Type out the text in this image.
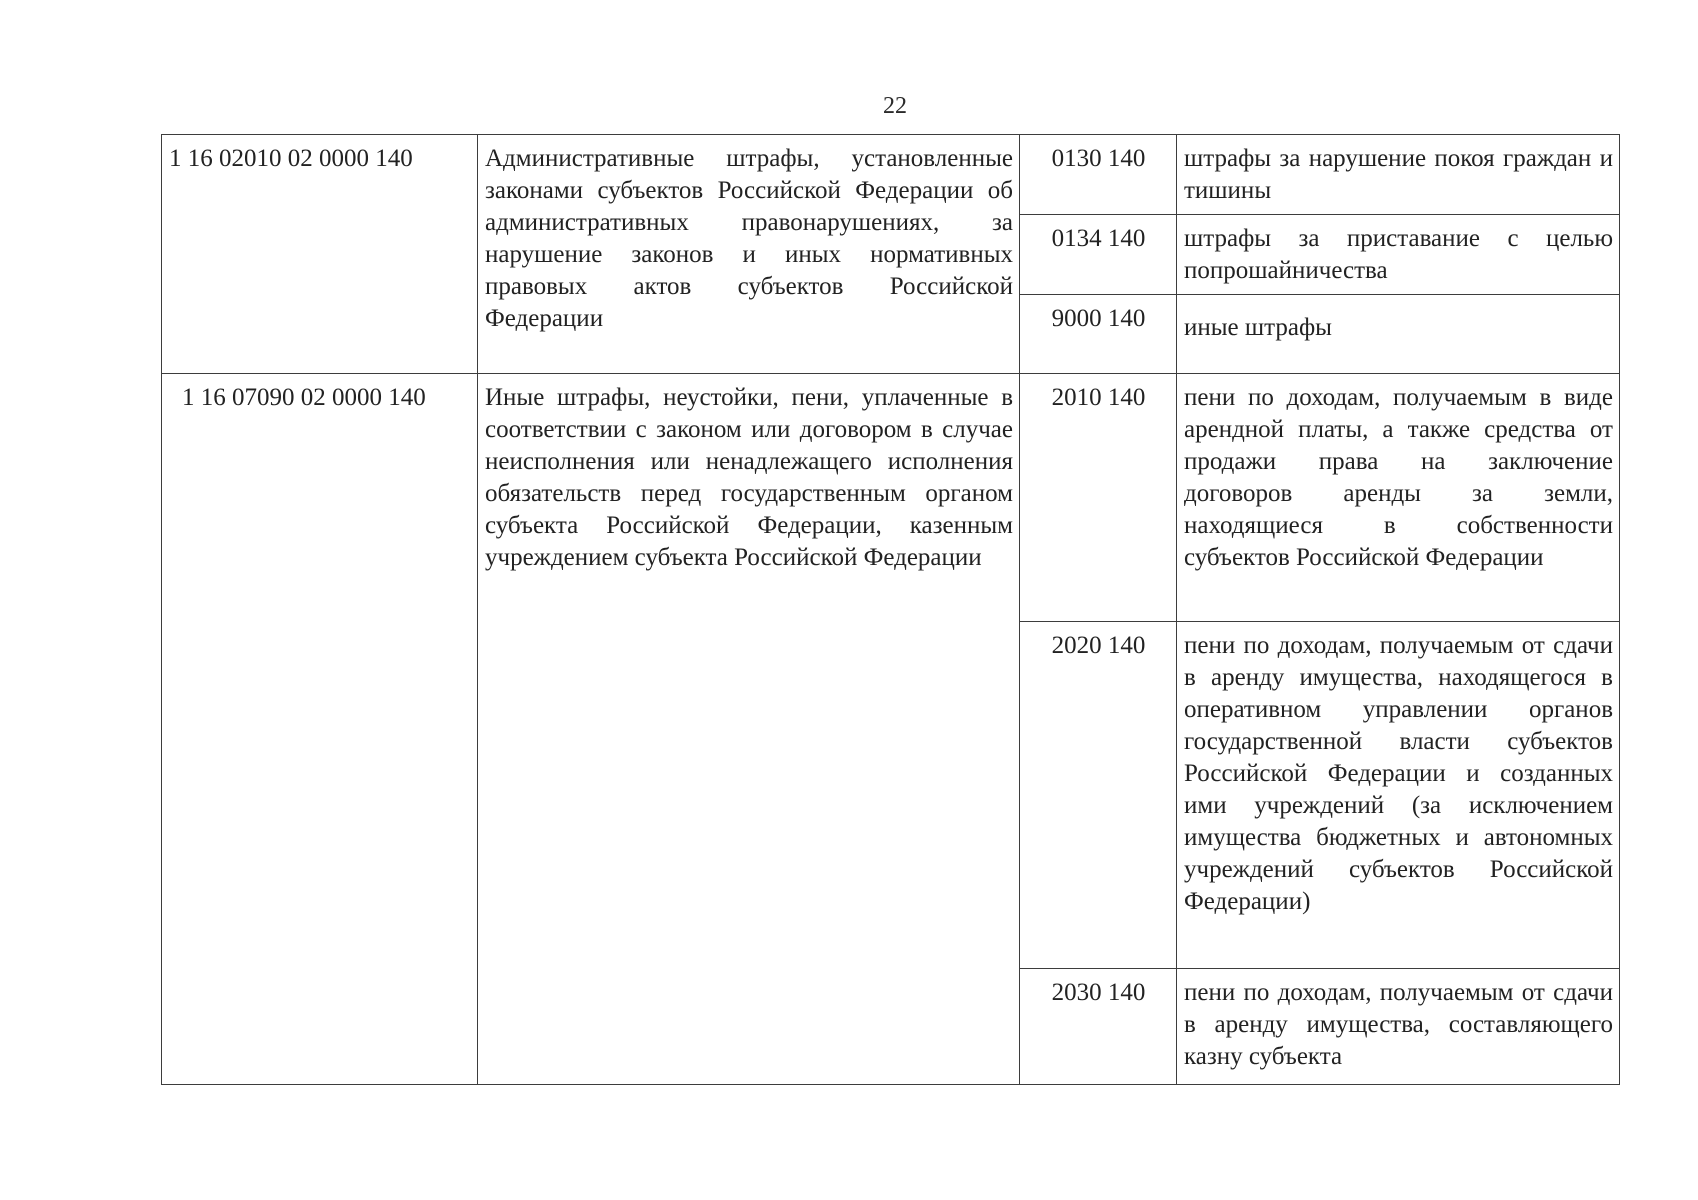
22
1 16 02010 02 0000 140	Административные штрафы, установленные законами субъектов Российской Федерации об административных правонарушениях, за нарушение законов и иных нормативных правовых актов субъектов Российской Федерации	0130 140	штрафы за нарушение покоя граждан и тишины
		0134 140	штрафы за приставание с целью попрошайничества
		9000 140	иные штрафы
1 16 07090 02 0000 140	Иные штрафы, неустойки, пени, уплаченные в соответствии с законом или договором в случае неисполнения или ненадлежащего исполнения обязательств перед государственным органом субъекта Российской Федерации, казенным учреждением субъекта Российской Федерации	2010 140	пени по доходам, получаемым в виде арендной платы, а также средства от продажи права на заключение договоров аренды за земли, находящиеся в собственности субъектов Российской Федерации
		2020 140	пени по доходам, получаемым от сдачи в аренду имущества, находящегося в оперативном управлении органов государственной власти субъектов Российской Федерации и созданных ими учреждений (за исключением имущества бюджетных и автономных учреждений субъектов Российской Федерации)
		2030 140	пени по доходам, получаемым от сдачи в аренду имущества, составляющего казну субъекта
